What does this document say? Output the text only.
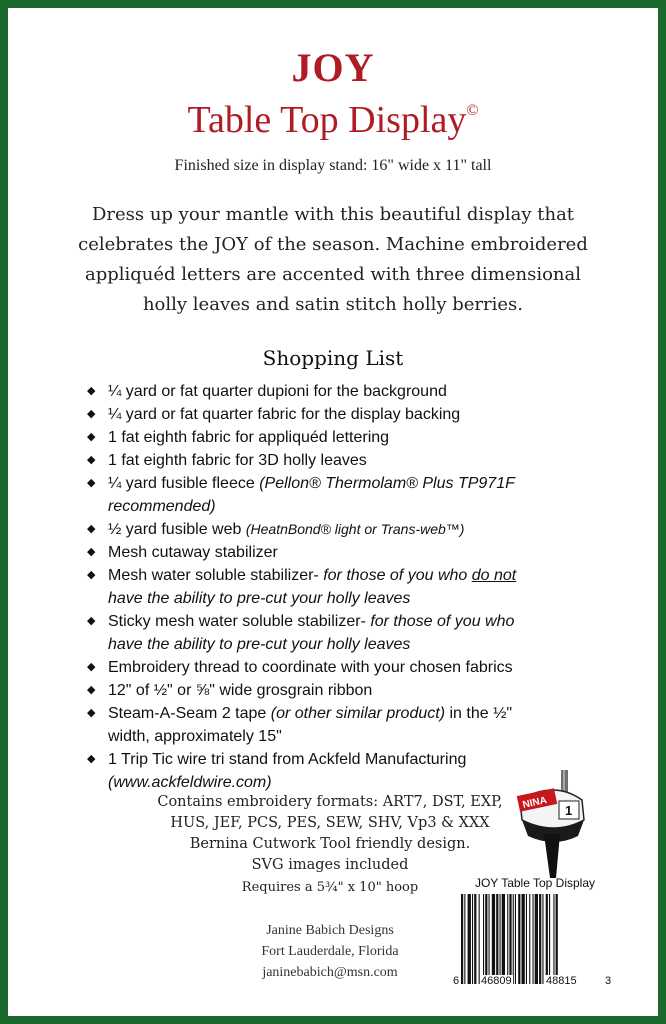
JOY
Table Top Display©
Finished size in display stand: 16" wide x 11" tall
Dress up your mantle with this beautiful display that
celebrates the JOY of the season. Machine embroidered
appliquéd letters are accented with three dimensional
holly leaves and satin stitch holly berries.
Shopping List
◆ ¼ yard or fat quarter dupioni for the background
◆ ¼ yard or fat quarter fabric for the display backing
◆ 1 fat eighth fabric for appliquéd lettering
◆ 1 fat eighth fabric for 3D holly leaves
◆ ¼ yard fusible fleece (Pellon® Thermolam® Plus TP971F
recommended)
◆ ½ yard fusible web (HeatnBond® light or Trans-web™)
◆ Mesh cutaway stabilizer
◆ Mesh water soluble stabilizer- for those of you who do not
have the ability to pre-cut your holly leaves
◆ Sticky mesh water soluble stabilizer- for those of you who
have the ability to pre-cut your holly leaves
◆ Embroidery thread to coordinate with your chosen fabrics
◆ 12" of ½" or ⅝" wide grosgrain ribbon
◆ Steam-A-Seam 2 tape (or other similar product) in the ½"
width, approximately 15"
◆ 1 Trip Tic wire tri stand from Ackfeld Manufacturing
(www.ackfeldwire.com)
NINA 1
Contains embroidery formats: ART7, DST, EXP,
HUS, JEF, PCS, PES, SEW, SHV, Vp3 & XXX
Bernina Cutwork Tool friendly design.
SVG images included
Requires a 5¾" x 10" hoop
Janine Babich Designs
Fort Lauderdale, Florida
janinebabich@msn.com
JOY Table Top Display
6 46809	48815	3
